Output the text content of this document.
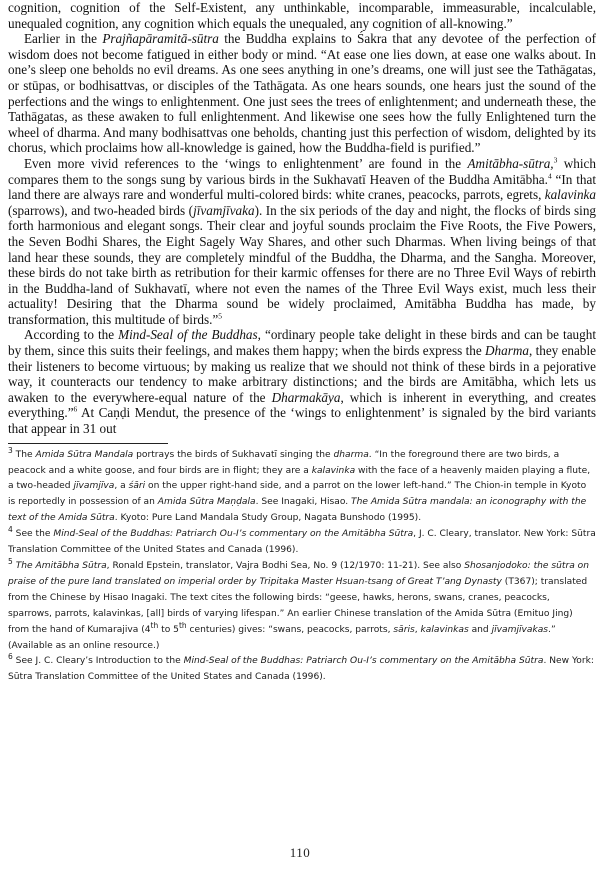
cognition, cognition of the Self-Existent, any unthinkable, incomparable, immeasurable, incalculable, unequaled cognition, any cognition which equals the unequaled, any cognition of all-knowing.”

Earlier in the Prajñapāramitā-sūtra the Buddha explains to Śakra that any devotee of the perfection of wisdom does not become fatigued in either body or mind. “At ease one lies down, at ease one walks about. In one’s sleep one beholds no evil dreams. As one sees anything in one’s dreams, one will just see the Tathāgatas, or stūpas, or bodhisattvas, or disciples of the Tathāgata. As one hears sounds, one hears just the sound of the perfections and the wings to enlightenment. One just sees the trees of enlightenment; and underneath these, the Tathāgatas, as these awaken to full enlightenment. And likewise one sees how the fully Enlightened turn the wheel of dharma. And many bodhisattvas one beholds, chanting just this perfection of wisdom, delighted by its chorus, which proclaims how all-knowledge is gained, how the Buddha-field is purified.”

Even more vivid references to the ‘wings to enlightenment’ are found in the Amitābha-sūtra,$^3$ which compares them to the songs sung by various birds in the Sukhavatī Heaven of the Buddha Amitābha.$^4$ “In that land there are always rare and wonderful multi-colored birds: white cranes, peacocks, parrots, egrets, kalavinka (sparrows), and two-headed birds (jīvamjīvaka). In the six periods of the day and night, the flocks of birds sing forth harmonious and elegant songs. Their clear and joyful sounds proclaim the Five Roots, the Five Powers, the Seven Bodhi Shares, the Eight Sagely Way Shares, and other such Dharmas. When living beings of that land hear these sounds, they are completely mindful of the Buddha, the Dharma, and the Sangha. Moreover, these birds do not take birth as retribution for their karmic offenses for there are no Three Evil Ways of rebirth in the Buddha-land of Sukhavatī, where not even the names of the Three Evil Ways exist, much less their actuality! Desiring that the Dharma sound be widely proclaimed, Amitābha Buddha has made, by transformation, this multitude of birds.”$^5$

According to the Mind-Seal of the Buddhas, “ordinary people take delight in these birds and can be taught by them, since this suits their feelings, and makes them happy; when the birds express the Dharma, they enable their listeners to become virtuous; by making us realize that we should not think of these birds in a pejorative way, it counteracts our tendency to make arbitrary distinctions; and the birds are Amitābha, which lets us awaken to the everywhere-equal nature of the Dharmakāya, which is inherent in everything, and creates everything.”$^6$ At Caṇḍi Mendut, the presence of the ‘wings to enlightenment’ is signaled by the bird variants that appear in 31 out

$^3$ The Amida Sūtra Mandala portrays the birds of Sukhavatī singing the dharma. “In the foreground there are two birds, a peacock and a white goose, and four birds are in flight; they are a kalavinka with the face of a heavenly maiden playing a flute, a two-headed jīvamjīva, a śāri on the upper right-hand side, and a parrot on the lower left-hand.” The Chion-in temple in Kyoto is reportedly in possession of an Amida Sūtra Maṇḍala. See Inagaki, Hisao. The Amida Sūtra mandala: an iconography with the text of the Amida Sūtra. Kyoto: Pure Land Mandala Study Group, Nagata Bunshodo (1995).

$^4$ See the Mind-Seal of the Buddhas: Patriarch Ou-I’s commentary on the Amitābha Sūtra, J. C. Cleary, translator. New York: Sūtra Translation Committee of the United States and Canada (1996).

$^5$ The Amitābha Sūtra, Ronald Epstein, translator, Vajra Bodhi Sea, No. 9 (12/1970: 11-21). See also Shosanjodoko: the sūtra on praise of the pure land translated on imperial order by Tripitaka Master Hsuan-tsang of Great T’ang Dynasty (T367); translated from the Chinese by Hisao Inagaki. The text cites the following birds: “geese, hawks, herons, swans, cranes, peacocks, sparrows, parrots, kalavinkas, [all] birds of varying lifespan.” An earlier Chinese translation of the Amida Sūtra (Emituo Jing) from the hand of Kumarajiva (4th to 5th centuries) gives: “swans, peacocks, parrots, sāris, kalavinkas and jīvamjīvakas.” (Available as an online resource.)

$^6$ See J. C. Cleary’s Introduction to the Mind-Seal of the Buddhas: Patriarch Ou-I’s commentary on the Amitābha Sūtra. New York: Sūtra Translation Committee of the United States and Canada (1996).

110
